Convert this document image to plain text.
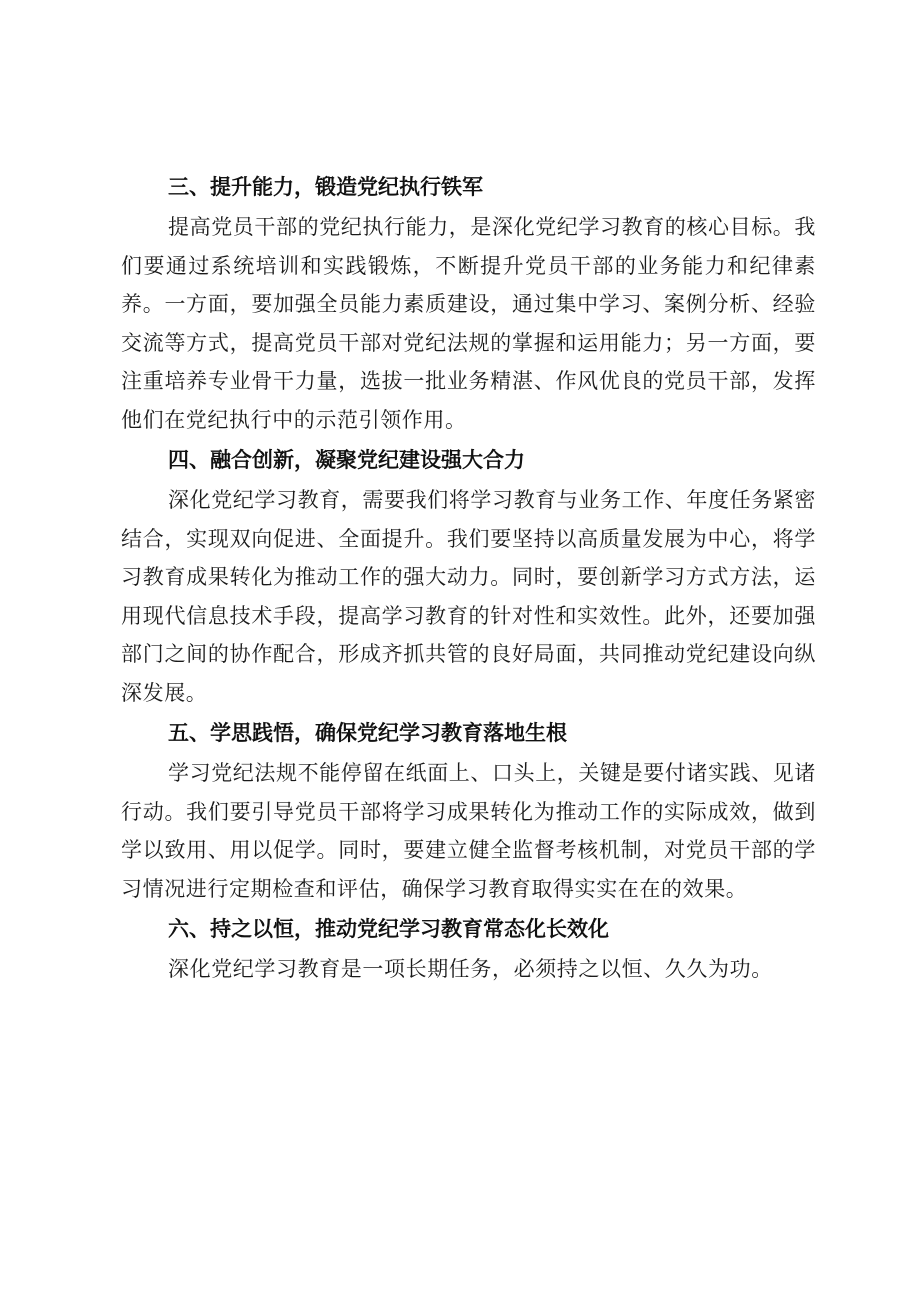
三、提升能力，锻造党纪执行铁军

提高党员干部的党纪执行能力，是深化党纪学习教育的核心目标。我们要通过系统培训和实践锻炼，不断提升党员干部的业务能力和纪律素养。一方面，要加强全员能力素质建设，通过集中学习、案例分析、经验交流等方式，提高党员干部对党纪法规的掌握和运用能力；另一方面，要注重培养专业骨干力量，选拔一批业务精湛、作风优良的党员干部，发挥他们在党纪执行中的示范引领作用。

四、融合创新，凝聚党纪建设强大合力

深化党纪学习教育，需要我们将学习教育与业务工作、年度任务紧密结合，实现双向促进、全面提升。我们要坚持以高质量发展为中心，将学习教育成果转化为推动工作的强大动力。同时，要创新学习方式方法，运用现代信息技术手段，提高学习教育的针对性和实效性。此外，还要加强部门之间的协作配合，形成齐抓共管的良好局面，共同推动党纪建设向纵深发展。

五、学思践悟，确保党纪学习教育落地生根

学习党纪法规不能停留在纸面上、口头上，关键是要付诸实践、见诸行动。我们要引导党员干部将学习成果转化为推动工作的实际成效，做到学以致用、用以促学。同时，要建立健全监督考核机制，对党员干部的学习情况进行定期检查和评估，确保学习教育取得实实在在的效果。

六、持之以恒，推动党纪学习教育常态化长效化

深化党纪学习教育是一项长期任务，必须持之以恒、久久为功。
